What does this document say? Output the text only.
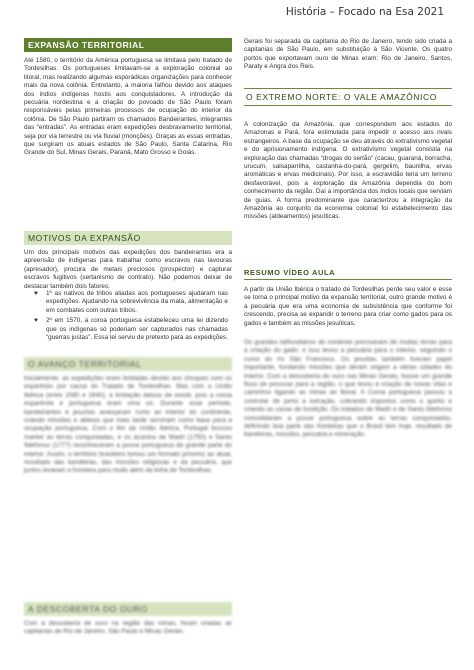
História – Focado na Esa 2021
EXPANSÃO TERRITORIAL
Até 1580, o território da América portuguesa se limitava pelo tratado de Tordesilhas. Os portugueses limitavam-se a exploração colonial ao litoral, mas realizando algumas esporádicas organizações para conhecer mais da nova colônia. Entretanto, a maioria falhou devido aos ataques dos índios indígenas hostis aos conquistadores. A introdução da pecuária nordestina e a criação do povoado de São Paulo foram responsáveis pelas primeiras processos de ocupação do interior da colônia. De São Paulo partiram os chamados Bandeirantes, integrantes das “entradas”. As entradas eram expedições desbravamento territorial, seja por via terrestre ou via fluvial (monções). Graças as essas entradas, que surgiram os atuais estados de São Paulo, Santa Catarina, Rio Grande do Sul, Minas Gerais, Paraná, Mato Grosso e Goiás.
MOTIVOS DA EXPANSÃO
Um dos principais motivos das expedições dos bandeirantes era a apreensão de indígenas para trabalhar como escravos nas lavouras (apresador), procura de metais preciosos (prospector) e capturar escravos fugitivos (sertanismo de contrato). Não podemos deixar de destacar também dois fatores:
♥ 1º as nativos de tribos aliadas aos portugueses ajudaram nas expedições. Ajudando na sobrevivência da mata, alimentação e em combates com outras tribos.
♥ 2º em 1570, a coroa portuguesa estabeleceu uma lei dizendo que os indígenas só poderiam ser capturados nas chamadas “guerras justas”. Essa lei serviu de pretexto para as expedições.
O AVANÇO TERRITORIAL
Inicialmente, as expedições eram limitadas devido aos choques com os espanhóis por causa do Tratado de Tordesilhas. Mas com a União Ibérica (entre 1580 e 1640), a limitação deixou de existir, pois a coroa espanhola e portuguesa eram uma só. Durante esse período, bandeirantes e jesuítas avançaram rumo ao interior do continente, criando missões e aldeias que mais tarde serviriam como base para a ocupação portuguesa. Com o fim da União Ibérica, Portugal buscou manter as terras conquistadas, e os acordos de Madri (1750) e Santo Ildefonso (1777) reconheceram a posse portuguesa de grande parte do interior. Assim, o território brasileiro tomou um formato próximo ao atual, resultado das bandeiras, das missões religiosas e da pecuária, que juntos levaram a fronteira para muito além da linha de Tordesilhas.
A DESCOBERTA DO OURO
Com a descoberta de ouro na região das minas, foram criadas as capitanias de Rio de Janeiro, São Paulo e Minas Gerais.
Gerais foi separada da capitania do Rio de Janeiro, tendo sido criada a capitanias de São Paulo, em substituição à São Vicente. Os quatro portos que exportavam ouro de Minas eram: Rio de Janeiro, Santos, Paraty e Angra dos Reis.
O EXTREMO NORTE: O VALE AMAZÔNICO
A colonização da Amazônia, que correspondem aos estados do Amazonas e Pará, fora estimulada para impedir o acesso aos rivais estrangeiros. A base da ocupação se deu através do extrativismo vegetal e do aprisionamento indígena. O extrativismo vegetal consistia na exploração das chamadas “drogas do sertão” (cacau, guaraná, borracha, urucum, salsaparrilha, castanha-do-pará, gergelim, baunilha, ervas aromáticas e ervas medicinais). Por isso, a escravidão teria um terreno desfavorável, pois a exploração da Amazônia dependia do bom conhecimento da região. Daí a importância dos índios locais que serviam de guias. A forma predominante que caracterizou a integração da Amazônia ao conjunto da economia colonial foi estabelecimento das missões (aldeamentos) jesuíticas.
RESUMO VÍDEO AULA
A partir da União Ibérica o tratado de Tordesilhas perde seu valor e esse se torna o principal motivo da expansão territorial, outro grande motivo é a pecuária que era uma economia de subsistência que conforme foi crescendo, precisa se expandir o terreno para criar como gados para os gados e também as missões jesuíticas.
Os grandes latifundiários do nordeste precisavam de muitas terras para a criação do gado, e isso levou a pecuária para o interior, seguindo o curso do rio São Francisco. Os jesuítas também tiveram papel importante, fundando missões que deram origem a várias cidades do interior. Com a descoberta do ouro nas Minas Gerais, houve um grande fluxo de pessoas para a região, o que levou à criação de novas vilas e caminhos ligando as minas ao litoral. A Coroa portuguesa passou a controlar de perto a extração, cobrando impostos como o quinto e criando as casas de fundição. Os tratados de Madri e de Santo Ildefonso consolidaram a posse portuguesa sobre as terras conquistadas, definindo boa parte das fronteiras que o Brasil tem hoje, resultado de bandeiras, missões, pecuária e mineração.
